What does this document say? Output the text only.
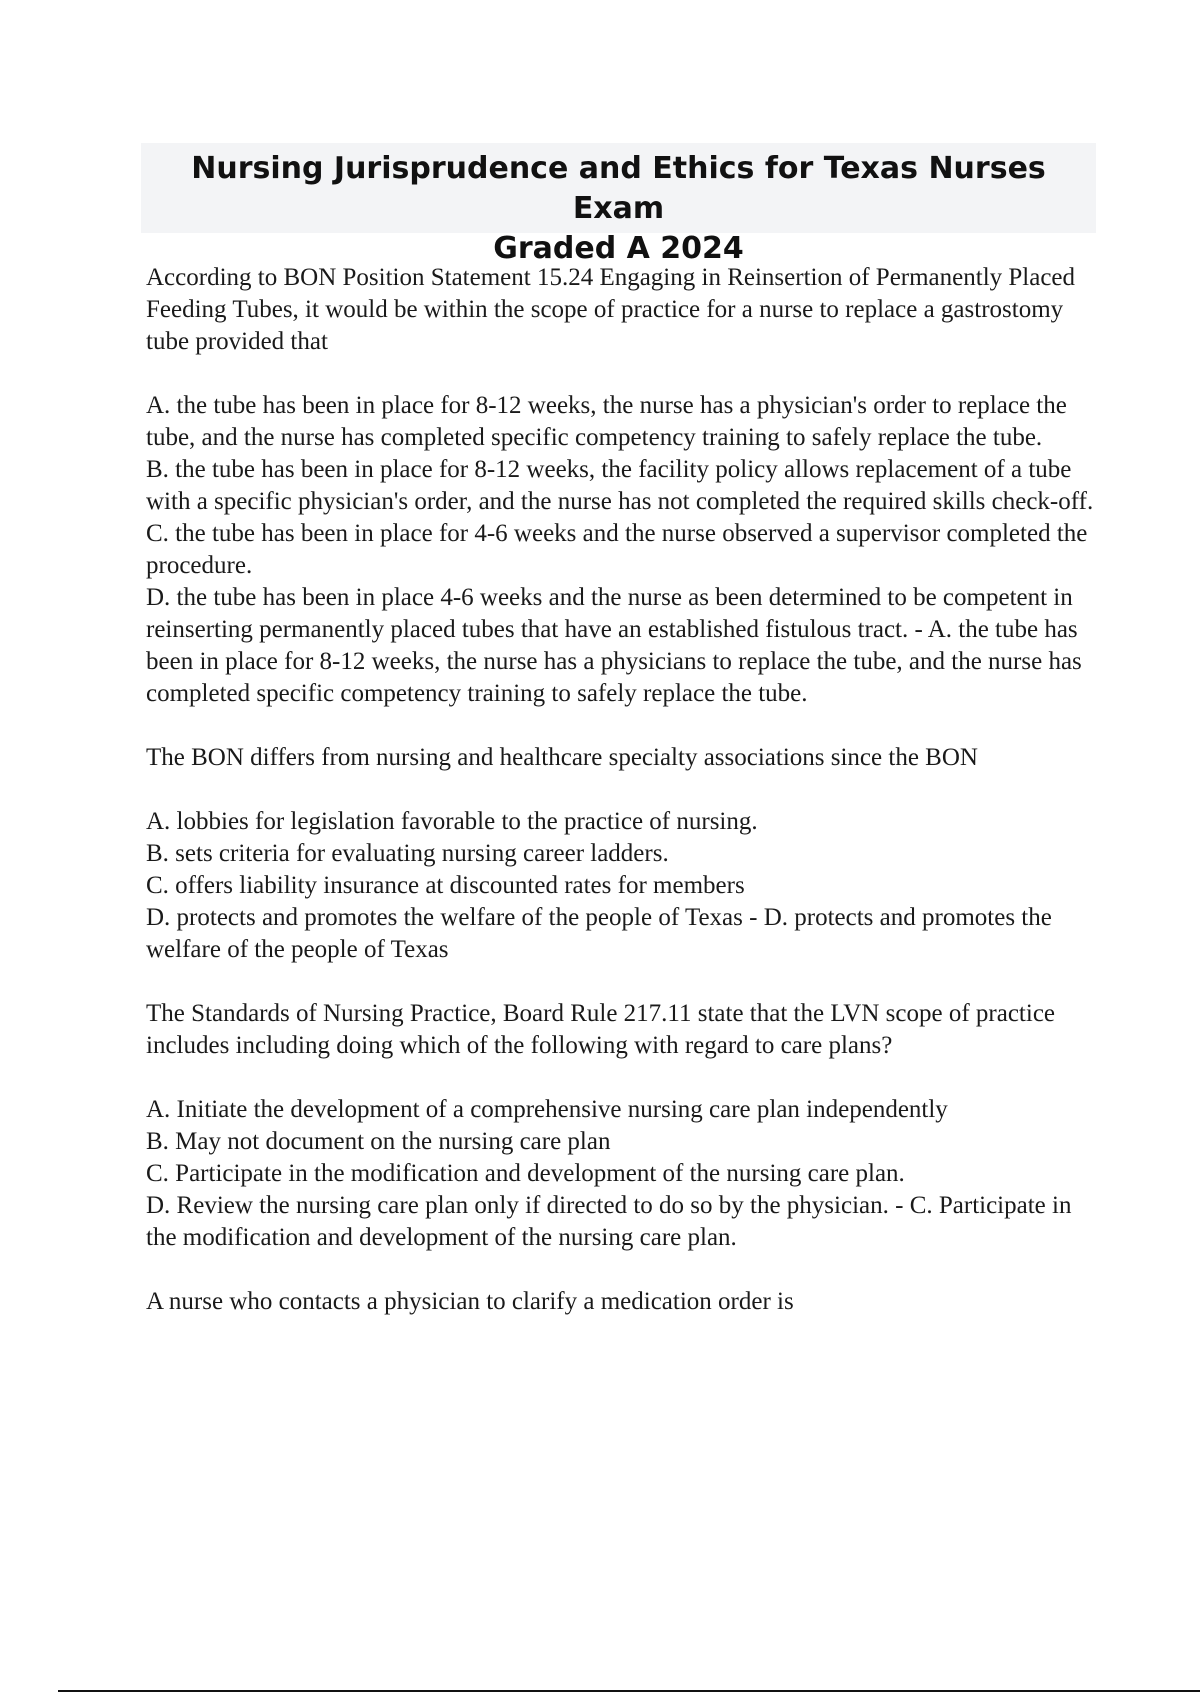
Nursing Jurisprudence and Ethics for Texas Nurses Exam
Graded A 2024

According to BON Position Statement 15.24 Engaging in Reinsertion of Permanently Placed Feeding Tubes, it would be within the scope of practice for a nurse to replace a gastrostomy tube provided that

A. the tube has been in place for 8-12 weeks, the nurse has a physician's order to replace the tube, and the nurse has completed specific competency training to safely replace the tube.

B. the tube has been in place for 8-12 weeks, the facility policy allows replacement of a tube with a specific physician's order, and the nurse has not completed the required skills check-off.

C. the tube has been in place for 4-6 weeks and the nurse observed a supervisor completed the procedure.

D. the tube has been in place 4-6 weeks and the nurse as been determined to be competent in reinserting permanently placed tubes that have an established fistulous tract. - A. the tube has been in place for 8-12 weeks, the nurse has a physicians to replace the tube, and the nurse has completed specific competency training to safely replace the tube.

The BON differs from nursing and healthcare specialty associations since the BON

A. lobbies for legislation favorable to the practice of nursing.

B. sets criteria for evaluating nursing career ladders.

C. offers liability insurance at discounted rates for members

D. protects and promotes the welfare of the people of Texas - D. protects and promotes the welfare of the people of Texas

The Standards of Nursing Practice, Board Rule 217.11 state that the LVN scope of practice includes including doing which of the following with regard to care plans?

A. Initiate the development of a comprehensive nursing care plan independently

B. May not document on the nursing care plan

C. Participate in the modification and development of the nursing care plan.

D. Review the nursing care plan only if directed to do so by the physician. - C. Participate in the modification and development of the nursing care plan.

A nurse who contacts a physician to clarify a medication order is
